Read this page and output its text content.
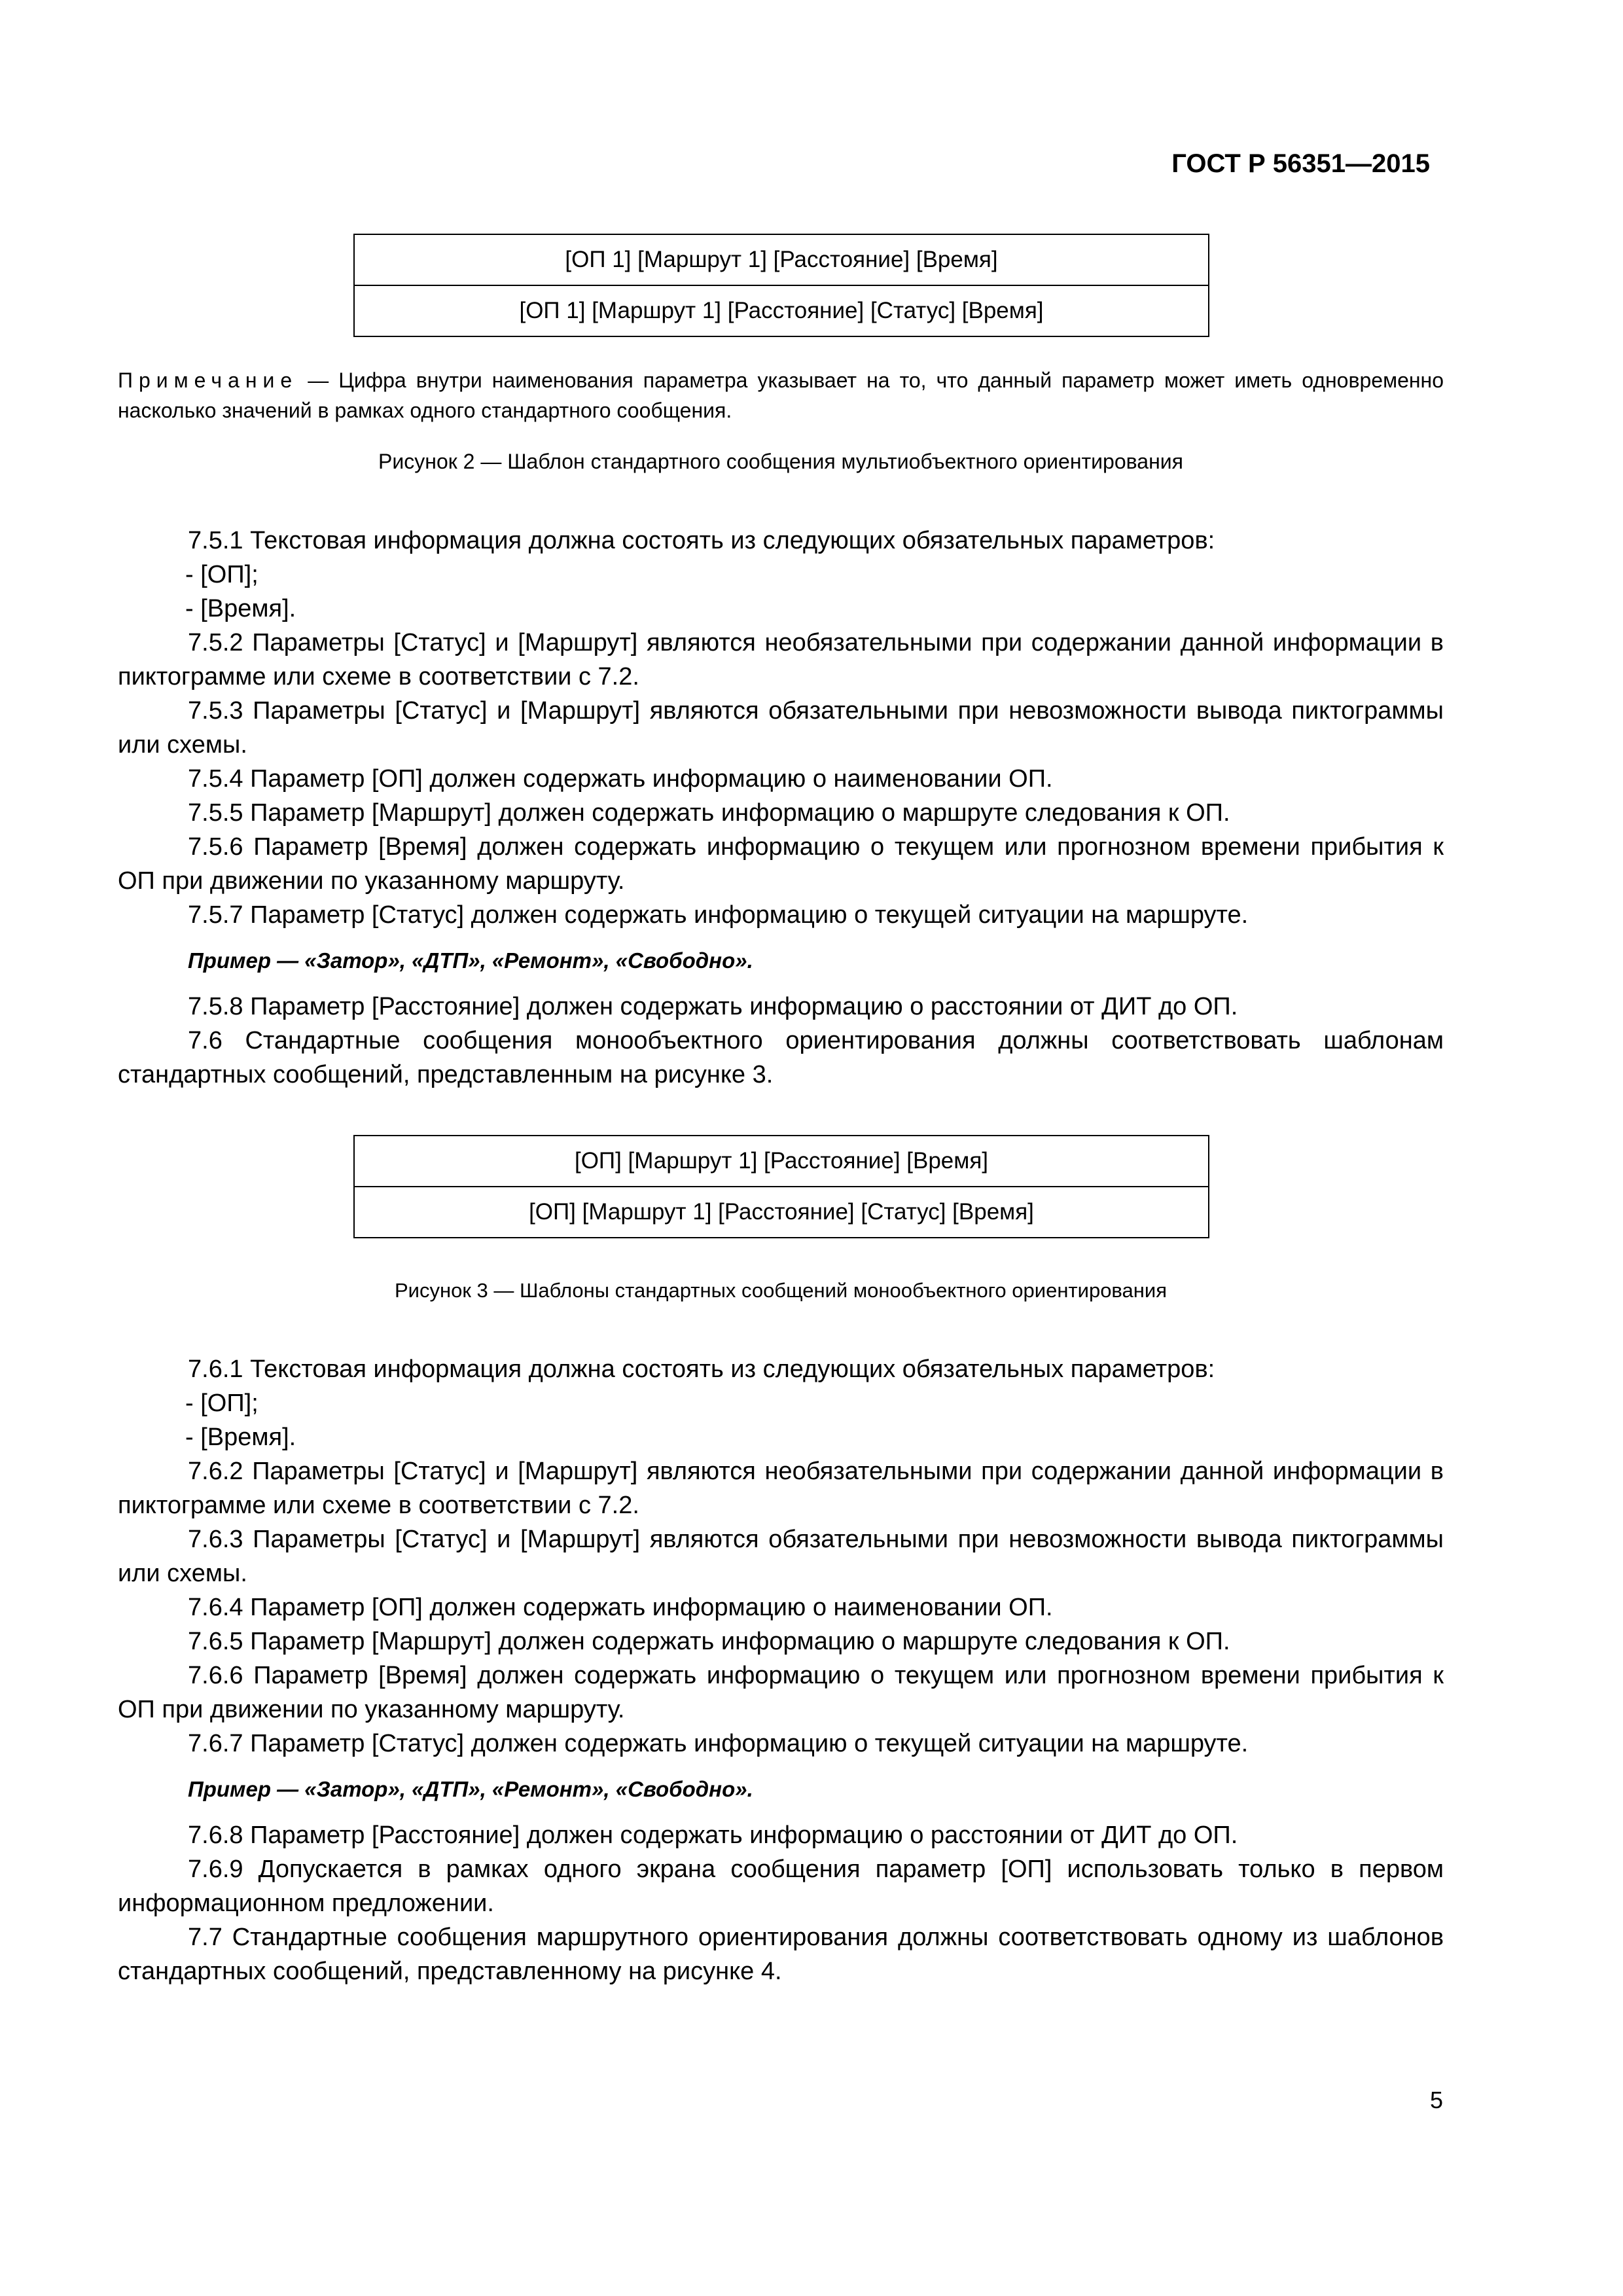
ГОСТ Р 56351—2015

[ОП 1] [Маршрут 1] [Расстояние] [Время]
[ОП 1] [Маршрут 1] [Расстояние] [Статус] [Время]

Примечание — Цифра внутри наименования параметра указывает на то, что данный параметр может иметь одновременно насколько значений в рамках одного стандартного сообщения.

Рисунок 2 — Шаблон стандартного сообщения мультиобъектного ориентирования

7.5.1 Текстовая информация должна состоять из следующих обязательных параметров:

- [ОП];

- [Время].

7.5.2 Параметры [Статус] и [Маршрут] являются необязательными при содержании данной информации в пиктограмме или схеме в соответствии с 7.2.

7.5.3 Параметры [Статус] и [Маршрут] являются обязательными при невозможности вывода пиктограммы или схемы.

7.5.4 Параметр [ОП] должен содержать информацию о наименовании ОП.

7.5.5 Параметр [Маршрут] должен содержать информацию о маршруте следования к ОП.

7.5.6 Параметр [Время] должен содержать информацию о текущем или прогнозном времени прибытия к ОП при движении по указанному маршруту.

7.5.7 Параметр [Статус] должен содержать информацию о текущей ситуации на маршруте.

Пример — «Затор», «ДТП», «Ремонт», «Свободно».

7.5.8 Параметр [Расстояние] должен содержать информацию о расстоянии от ДИТ до ОП.

7.6 Стандартные сообщения монообъектного ориентирования должны соответствовать шаблонам стандартных сообщений, представленным на рисунке 3.

[ОП] [Маршрут 1] [Расстояние] [Время]
[ОП] [Маршрут 1] [Расстояние] [Статус] [Время]

Рисунок 3 — Шаблоны стандартных сообщений монообъектного ориентирования

7.6.1 Текстовая информация должна состоять из следующих обязательных параметров:

- [ОП];

- [Время].

7.6.2 Параметры [Статус] и [Маршрут] являются необязательными при содержании данной информации в пиктограмме или схеме в соответствии с 7.2.

7.6.3 Параметры [Статус] и [Маршрут] являются обязательными при невозможности вывода пиктограммы или схемы.

7.6.4 Параметр [ОП] должен содержать информацию о наименовании ОП.

7.6.5 Параметр [Маршрут] должен содержать информацию о маршруте следования к ОП.

7.6.6 Параметр [Время] должен содержать информацию о текущем или прогнозном времени прибытия к ОП при движении по указанному маршруту.

7.6.7 Параметр [Статус] должен содержать информацию о текущей ситуации на маршруте.

Пример — «Затор», «ДТП», «Ремонт», «Свободно».

7.6.8 Параметр [Расстояние] должен содержать информацию о расстоянии от ДИТ до ОП.

7.6.9 Допускается в рамках одного экрана сообщения параметр [ОП] использовать только в первом информационном предложении.

7.7 Стандартные сообщения маршрутного ориентирования должны соответствовать одному из шаблонов стандартных сообщений, представленному на рисунке 4.

5
